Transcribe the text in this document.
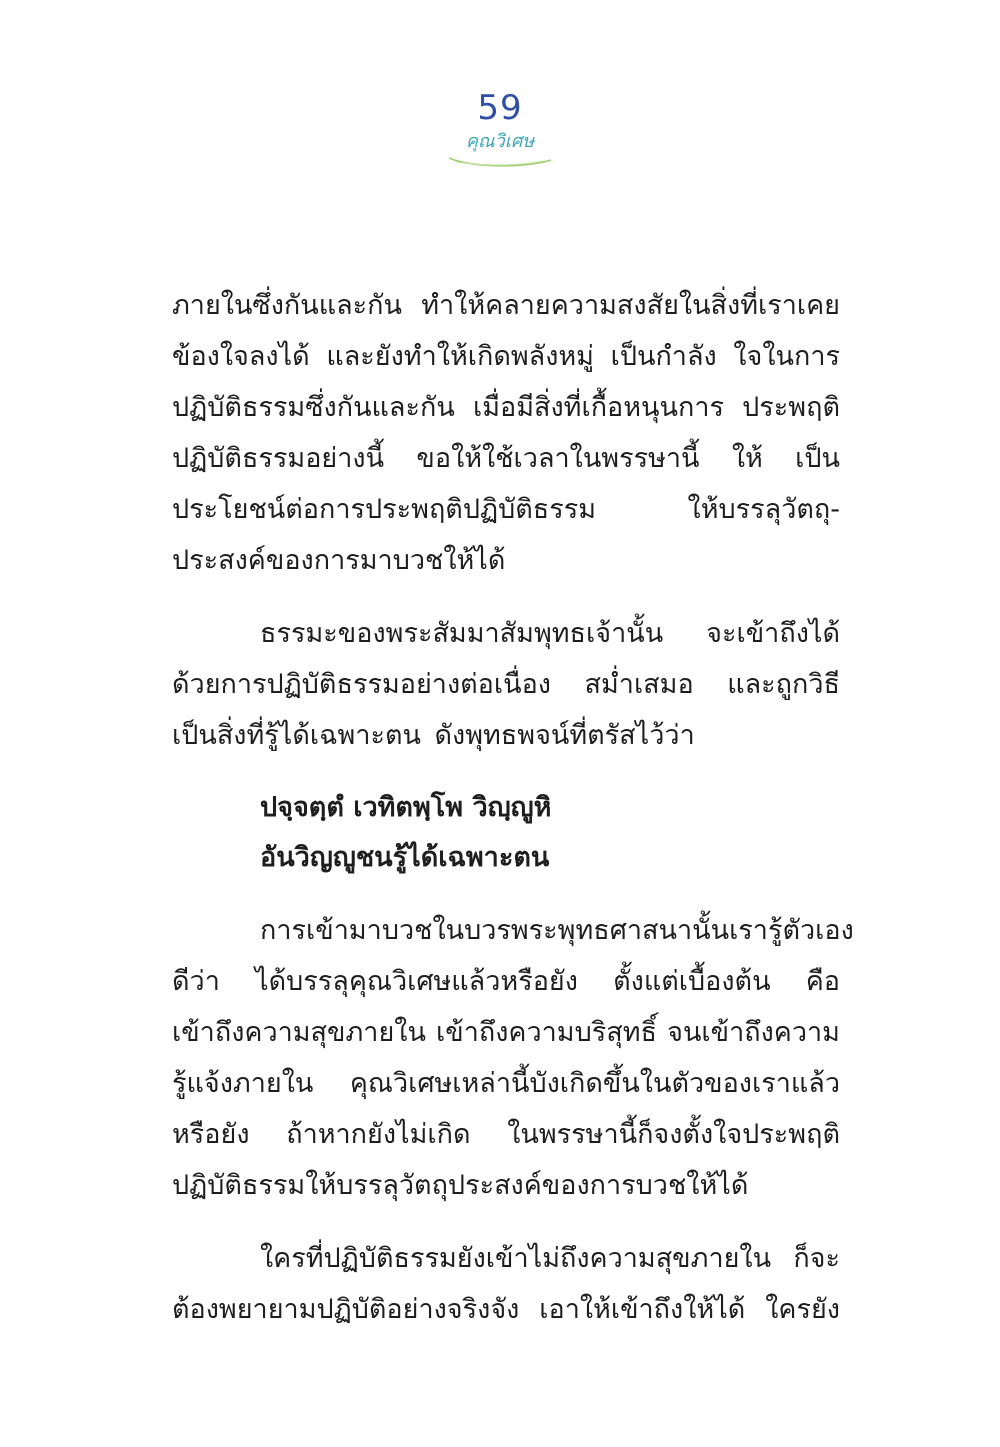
59
คุณวิเศษ
ภายในซึ่งกันและกัน ทำให้คลายความสงสัยในสิ่งที่เราเคย
ข้องใจลงได้ และยังทำให้เกิดพลังหมู่ เป็นกำลัง ใจในการ
ปฏิบัติธรรมซึ่งกันและกัน เมื่อมีสิ่งที่เกื้อหนุนการ ประพฤติ
ปฏิบัติธรรมอย่างนี้ ขอให้ใช้เวลาในพรรษานี้ ให้ เป็น
ประโยชน์ต่อการประพฤติปฏิบัติธรรม	ให้บรรลุวัตถุ-
ประสงค์ของการมาบวชให้ได้
ธรรมะของพระสัมมาสัมพุทธเจ้านั้น จะเข้าถึงได้
ด้วยการปฏิบัติธรรมอย่างต่อเนื่อง สม่ำเสมอ และถูกวิธี
เป็นสิ่งที่รู้ได้เฉพาะตน ดังพุทธพจน์ที่ตรัสไว้ว่า
ปจฺจตฺตํ เวทิตพฺโพ วิญฺญูหิ
อันวิญญูชนรู้ได้เฉพาะตน
การเข้ามาบวชในบวรพระพุทธศาสนานั้น เรารู้ตัวเอง
ดีว่า ได้บรรลุคุณวิเศษแล้วหรือยัง ตั้งแต่เบื้องต้น คือ
เข้าถึงความสุขภายใน เข้าถึงความบริสุทธิ์ จนเข้าถึงความ
รู้แจ้งภายใน คุณวิเศษเหล่านี้บังเกิดขึ้นในตัวของเราแล้ว
หรือยัง ถ้าหากยังไม่เกิด ในพรรษานี้ก็จงตั้งใจประพฤติ
ปฏิบัติธรรมให้บรรลุวัตถุประสงค์ของการบวชให้ได้
ใครที่ปฏิบัติธรรมยังเข้าไม่ถึงความสุขภายใน ก็จะ
ต้องพยายามปฏิบัติอย่างจริงจัง เอาให้เข้าถึงให้ได้ ใครยัง
